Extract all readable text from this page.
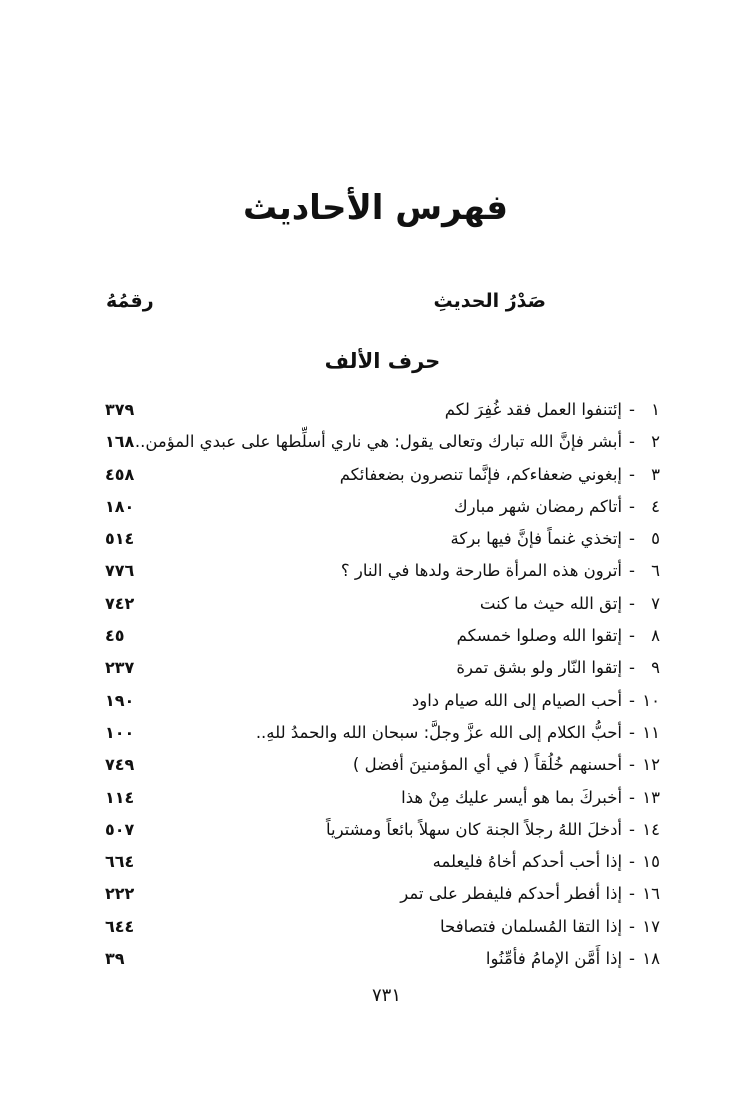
فهرس الأحاديث
صَدْرُ الحديثِ
رقمُهُ
حرف الألف
١-إئتنفوا العمل فقد غُفِرَ لكم
٣٧٩
٢-أبشر فإنَّ الله تبارك وتعالى يقول: هي ناري أسلِّطها على عبدي المؤمن..
١٦٨
٣-إبغوني ضعفاءكم، فإنَّما تنصرون بضعفائكم
٤٥٨
٤-أتاكم رمضان شهر مبارك
١٨٠
٥-إتخذي غنماً فإنَّ فيها بركة
٥١٤
٦-أترون هذه المرأة طارحة ولدها في النار ؟
٧٧٦
٧-إتق الله حيث ما كنت
٧٤٢
٨-إتقوا الله وصلوا خمسكم
٤٥
٩-إتقوا النّار ولو بشق تمرة
٢٣٧
١٠-أحب الصيام إلى الله صيام داود
١٩٠
١١-أحبُّ الكلام إلى الله عزَّ وجلَّ: سبحان الله والحمدُ للهِ..
١٠٠
١٢-أحسنهم خُلُقاً ( في أي المؤمنينَ أفضل )
٧٤٩
١٣-أخبركَ بما هو أيسر عليك مِنْ هذا
١١٤
١٤-أدخلَ اللهُ رجلاً الجنة كان سهلاً بائعاً ومشترياً
٥٠٧
١٥-إذا أحب أحدكم أخاهُ فليعلمه
٦٦٤
١٦-إذا أفطر أحدكم فليفطر على تمر
٢٢٢
١٧-إذا التقا المُسلمان فتصافحا
٦٤٤
١٨-إذا أَمَّن الإمامُ فأمِّنُوا
٣٩
٧٣١
